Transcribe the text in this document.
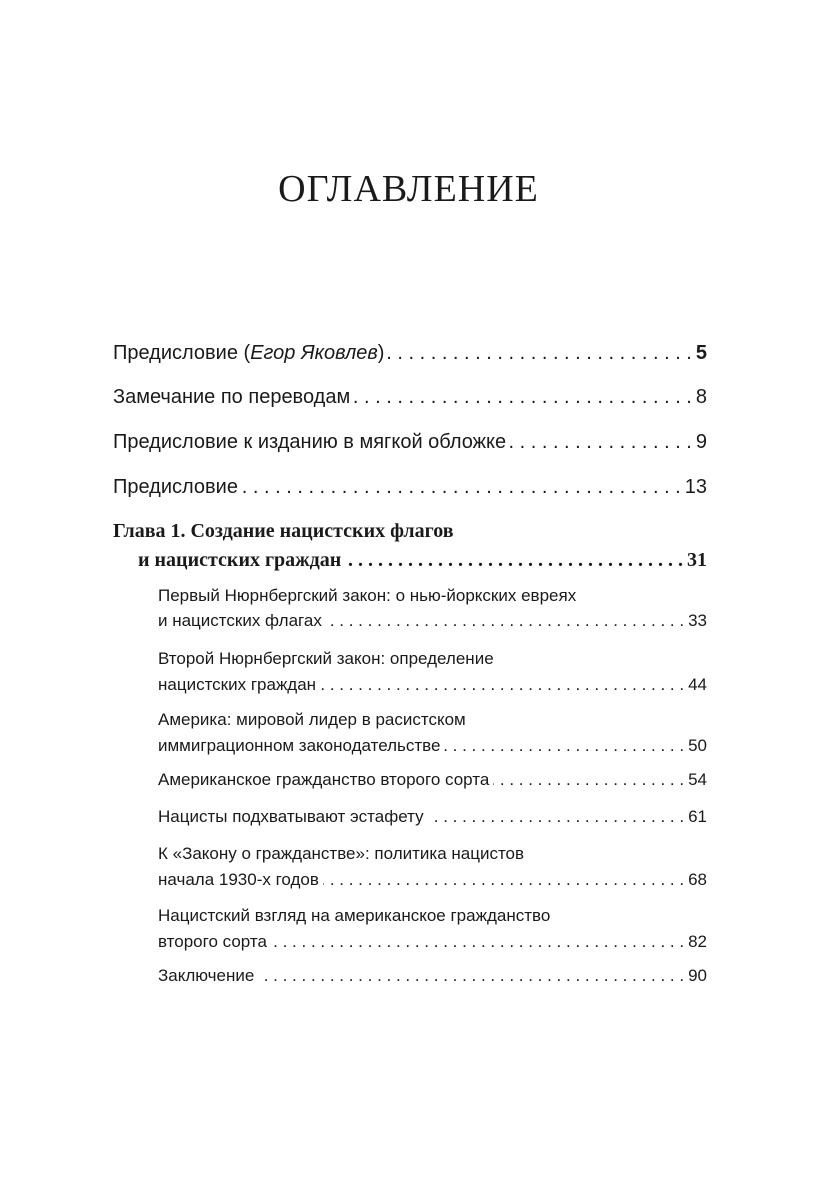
ОГЛАВЛЕНИЕ
Предисловие (Егор Яковлев) . . .	5
Замечание по переводам . . .	8
Предисловие к изданию в мягкой обложке . . .	9
Предисловие . . .	13
Глава 1. Создание нацистских флагов
и нацистских граждан . . .	31
Первый Нюрнбергский закон: о нью-йоркских евреях
и нацистских флагах . . .	33
Второй Нюрнбергский закон: определение
нацистских граждан . . .	44
Америка: мировой лидер в расистском
иммиграционном законодательстве . . .	50
Американское гражданство второго сорта . . .	54
Нацисты подхватывают эстафету . . .	61
К «Закону о гражданстве»: политика нацистов
начала 1930-х годов . . .	68
Нацистский взгляд на американское гражданство
второго сорта . . .	82
Заключение . . .	90
